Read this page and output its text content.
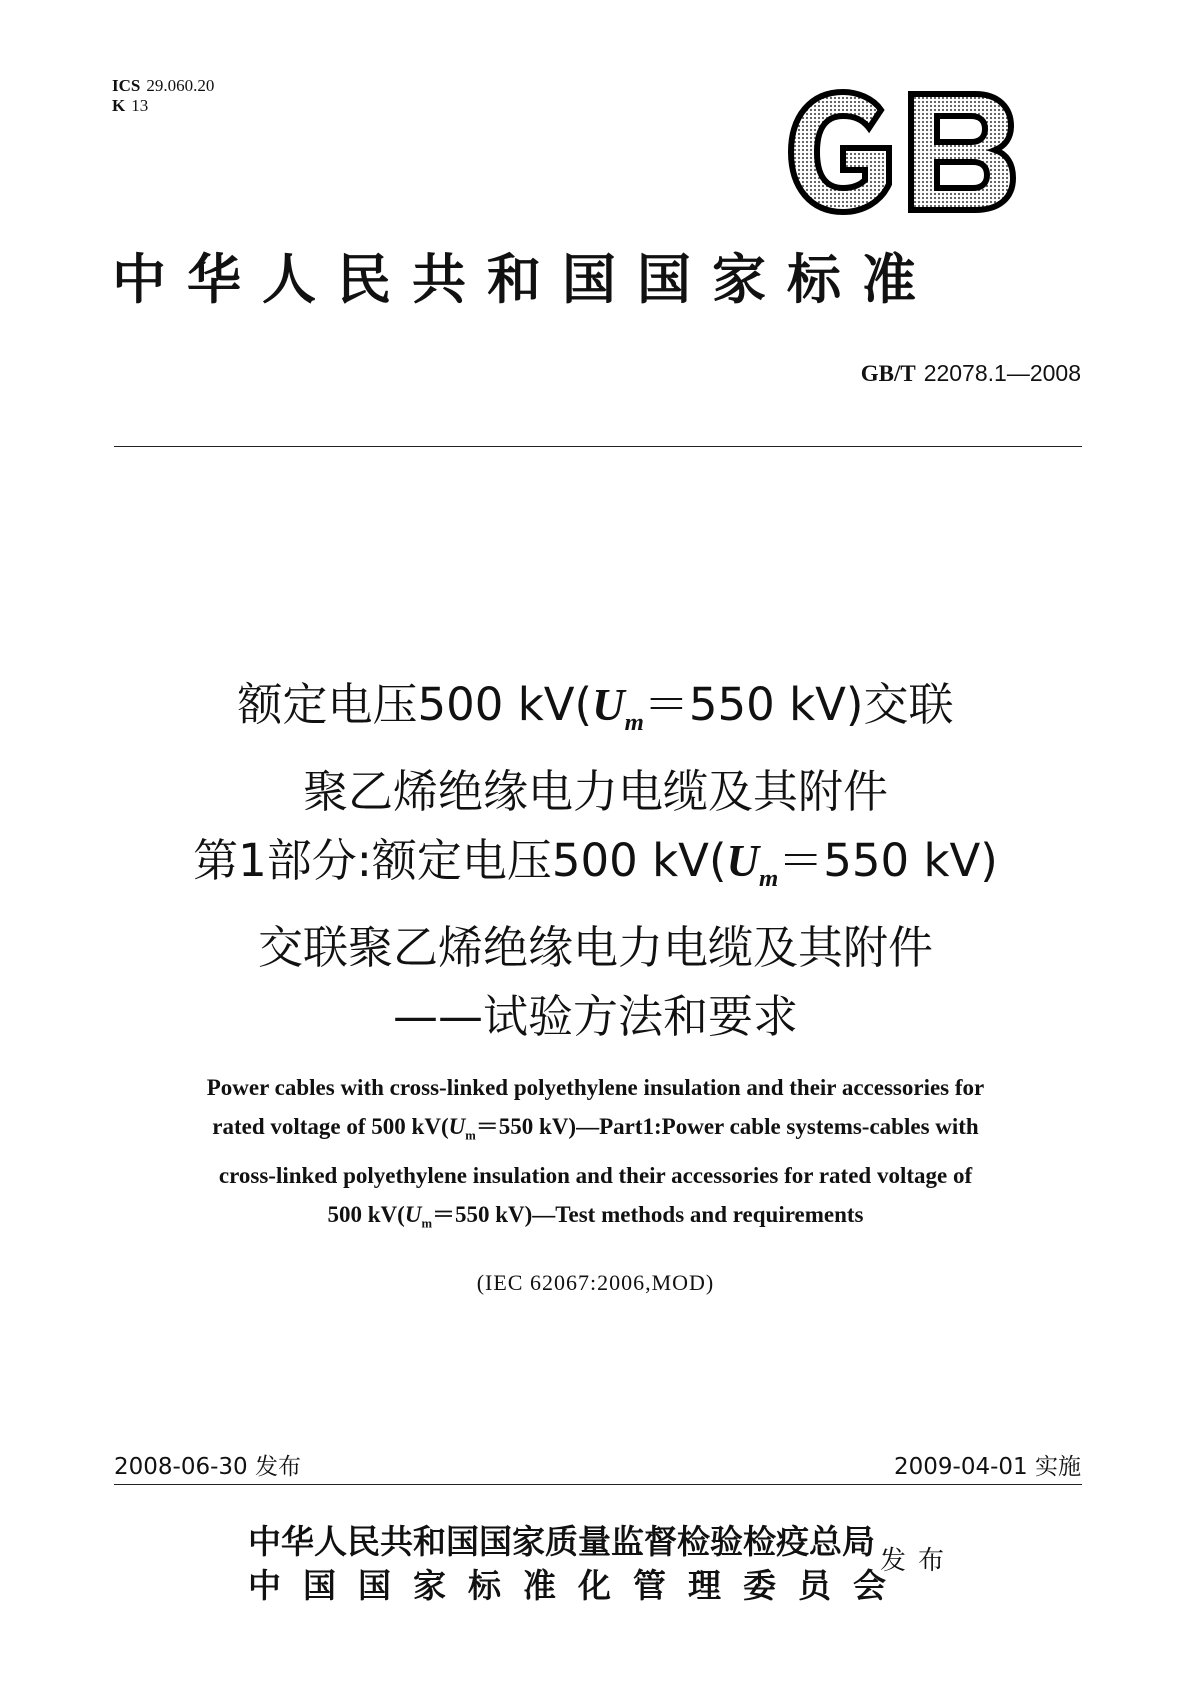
ICS 29.060.20
K 13
中华人民共和国国家标准
GB/T 22078.1—2008
额定电压500 $kV(U_m=550$ kV)交联
聚乙烯绝缘电力电缆及其附件
第1部分:额定电压500 $kV(U_m=550$ kV)
交联聚乙烯绝缘电力电缆及其附件
——试验方法和要求
Power cables with cross-linked polyethylene insulation and their accessories for
rated voltage of 500 $kV(U_m=550$ kV)—Part1:Power cable systems-cables with
cross-linked polyethylene insulation and their accessories for rated voltage of
500 $kV(U_m=550$ kV)—Test methods and requirements
(IEC 62067:2006,MOD)
2008-06-30 发布	2009-04-01 实施
中华人民共和国国家质量监督检验检疫总局
中国国家标准化管理委员会
发布
